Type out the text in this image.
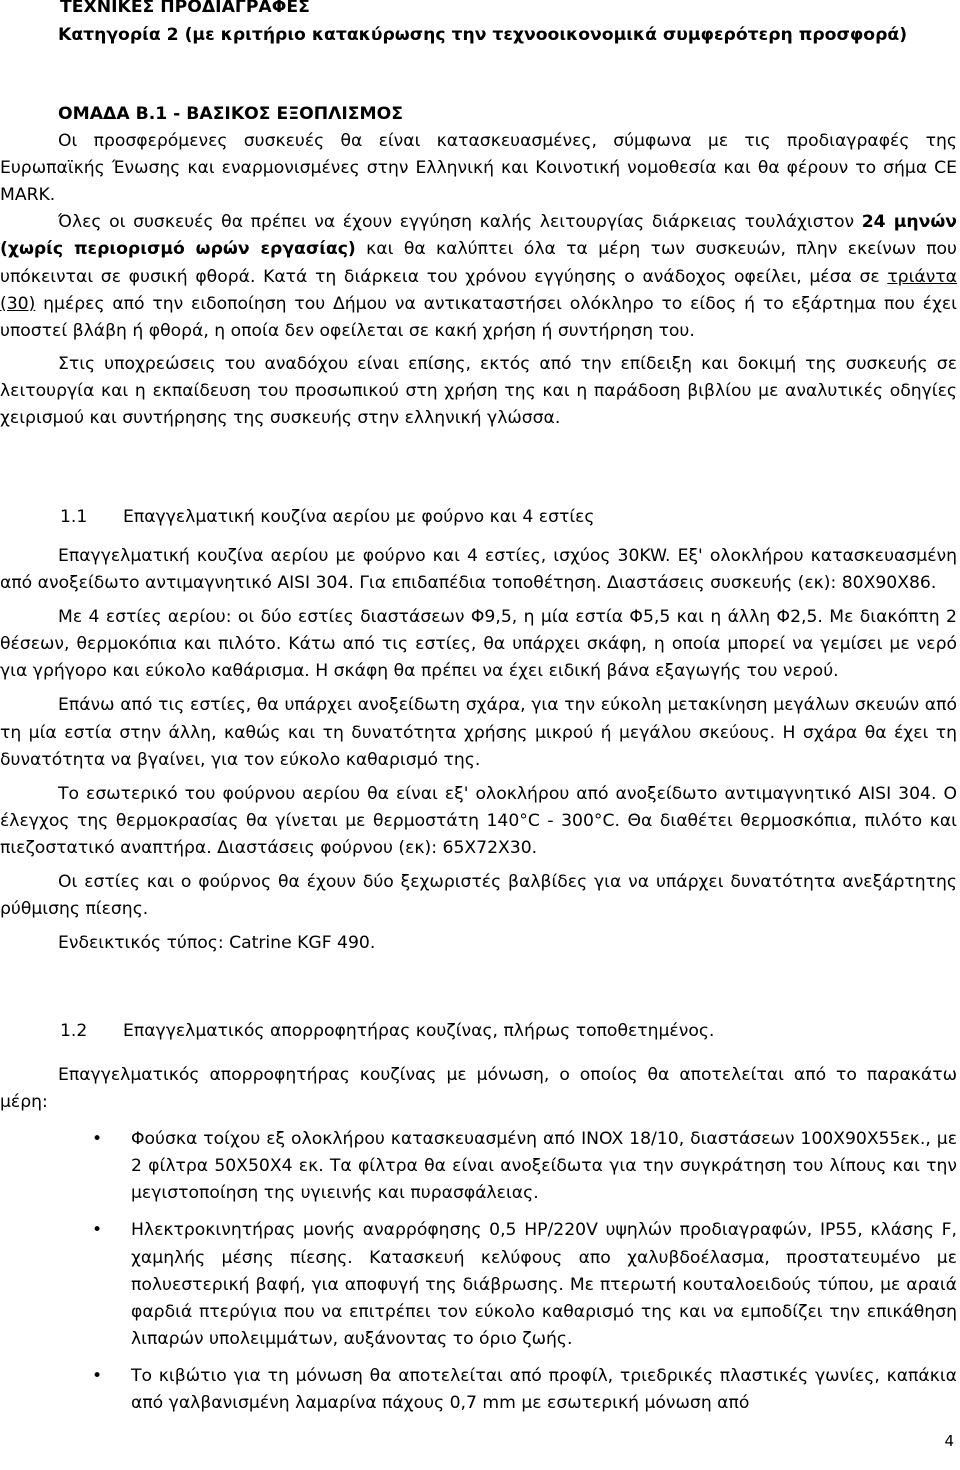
ΤΕΧΝΙΚΕΣ ΠΡΟΔΙΑΓΡΑΦΕΣ
Κατηγορία 2 (με κριτήριο κατακύρωσης την τεχνοοικονομικά συμφερότερη προσφορά)
ΟΜΑΔΑ Β.1 - ΒΑΣΙΚΟΣ ΕΞΟΠΛΙΣΜΟΣ
Οι προσφερόμενες συσκευές θα είναι κατασκευασμένες, σύμφωνα με τις προδιαγραφές της Ευρωπαϊκής Ένωσης και εναρμονισμένες στην Ελληνική και Κοινοτική νομοθεσία και θα φέρουν το σήμα CE MARK.
Όλες οι συσκευές θα πρέπει να έχουν εγγύηση καλής λειτουργίας διάρκειας τουλάχιστον 24 μηνών (χωρίς περιορισμό ωρών εργασίας) και θα καλύπτει όλα τα μέρη των συσκευών, πλην εκείνων που υπόκεινται σε φυσική φθορά. Κατά τη διάρκεια του χρόνου εγγύησης ο ανάδοχος οφείλει, μέσα σε τριάντα (30) ημέρες από την ειδοποίηση του Δήμου να αντικαταστήσει ολόκληρο το είδος ή το εξάρτημα που έχει υποστεί βλάβη ή φθορά, η οποία δεν οφείλεται σε κακή χρήση ή συντήρηση του.
Στις υποχρεώσεις του αναδόχου είναι επίσης, εκτός από την επίδειξη και δοκιμή της συσκευής σε λειτουργία και η εκπαίδευση του προσωπικού στη χρήση της και η παράδοση βιβλίου με αναλυτικές οδηγίες χειρισμού και συντήρησης της συσκευής στην ελληνική γλώσσα.
1.1 Επαγγελματική κουζίνα αερίου με φούρνο και 4 εστίες
Επαγγελματική κουζίνα αερίου με φούρνο και 4 εστίες, ισχύος 30KW. Εξ' ολοκλήρου κατασκευασμένη από ανοξείδωτο αντιμαγνητικό AISI 304. Για επιδαπέδια τοποθέτηση. Διαστάσεις συσκευής (εκ): 80Χ90Χ86.
Με 4 εστίες αερίου: οι δύο εστίες διαστάσεων Φ9,5, η μία εστία Φ5,5 και η άλλη Φ2,5. Με διακόπτη 2 θέσεων, θερμοκόπια και πιλότο. Κάτω από τις εστίες, θα υπάρχει σκάφη, η οποία μπορεί να γεμίσει με νερό για γρήγορο και εύκολο καθάρισμα. Η σκάφη θα πρέπει να έχει ειδική βάνα εξαγωγής του νερού.
Επάνω από τις εστίες, θα υπάρχει ανοξείδωτη σχάρα, για την εύκολη μετακίνηση μεγάλων σκευών από τη μία εστία στην άλλη, καθώς και τη δυνατότητα χρήσης μικρού ή μεγάλου σκεύους. Η σχάρα θα έχει τη δυνατότητα να βγαίνει, για τον εύκολο καθαρισμό της.
Το εσωτερικό του φούρνου αερίου θα είναι εξ' ολοκλήρου από ανοξείδωτο αντιμαγνητικό AISI 304. Ο έλεγχος της θερμοκρασίας θα γίνεται με θερμοστάτη 140°C - 300°C. Θα διαθέτει θερμοσκόπια, πιλότο και πιεζοστατικό αναπτήρα. Διαστάσεις φούρνου (εκ): 65X72X30.
Οι εστίες και ο φούρνος θα έχουν δύο ξεχωριστές βαλβίδες για να υπάρχει δυνατότητα ανεξάρτητης ρύθμισης πίεσης.
Ενδεικτικός τύπος: Catrine KGF 490.
1.2 Επαγγελματικός απορροφητήρας κουζίνας, πλήρως τοποθετημένος.
Επαγγελματικός απορροφητήρας κουζίνας με μόνωση, ο οποίος θα αποτελείται από το παρακάτω μέρη:
• Φούσκα τοίχου εξ ολοκλήρου κατασκευασμένη από INOX 18/10, διαστάσεων 100Χ90Χ55εκ., με 2 φίλτρα 50Χ50Χ4 εκ. Τα φίλτρα θα είναι ανοξείδωτα για την συγκράτηση του λίπους και την μεγιστοποίηση της υγιεινής και πυρασφάλειας.
• Ηλεκτροκινητήρας μονής αναρρόφησης 0,5 HP/220V υψηλών προδιαγραφών, IP55, κλάσης F, χαμηλής μέσης πίεσης. Κατασκευή κελύφους απο χαλυβδοέλασμα, προστατευμένο με πολυεστερική βαφή, για αποφυγή της διάβρωσης. Με πτερωτή κουταλοειδούς τύπου, με αραιά φαρδιά πτερύγια που να επιτρέπει τον εύκολο καθαρισμό της και να εμποδίζει την επικάθηση λιπαρών υπολειμμάτων, αυξάνοντας το όριο ζωής.
• Το κιβώτιο για τη μόνωση θα αποτελείται από προφίλ, τριεδρικές πλαστικές γωνίες, καπάκια από γαλβανισμένη λαμαρίνα πάχους 0,7 mm με εσωτερική μόνωση από
4
